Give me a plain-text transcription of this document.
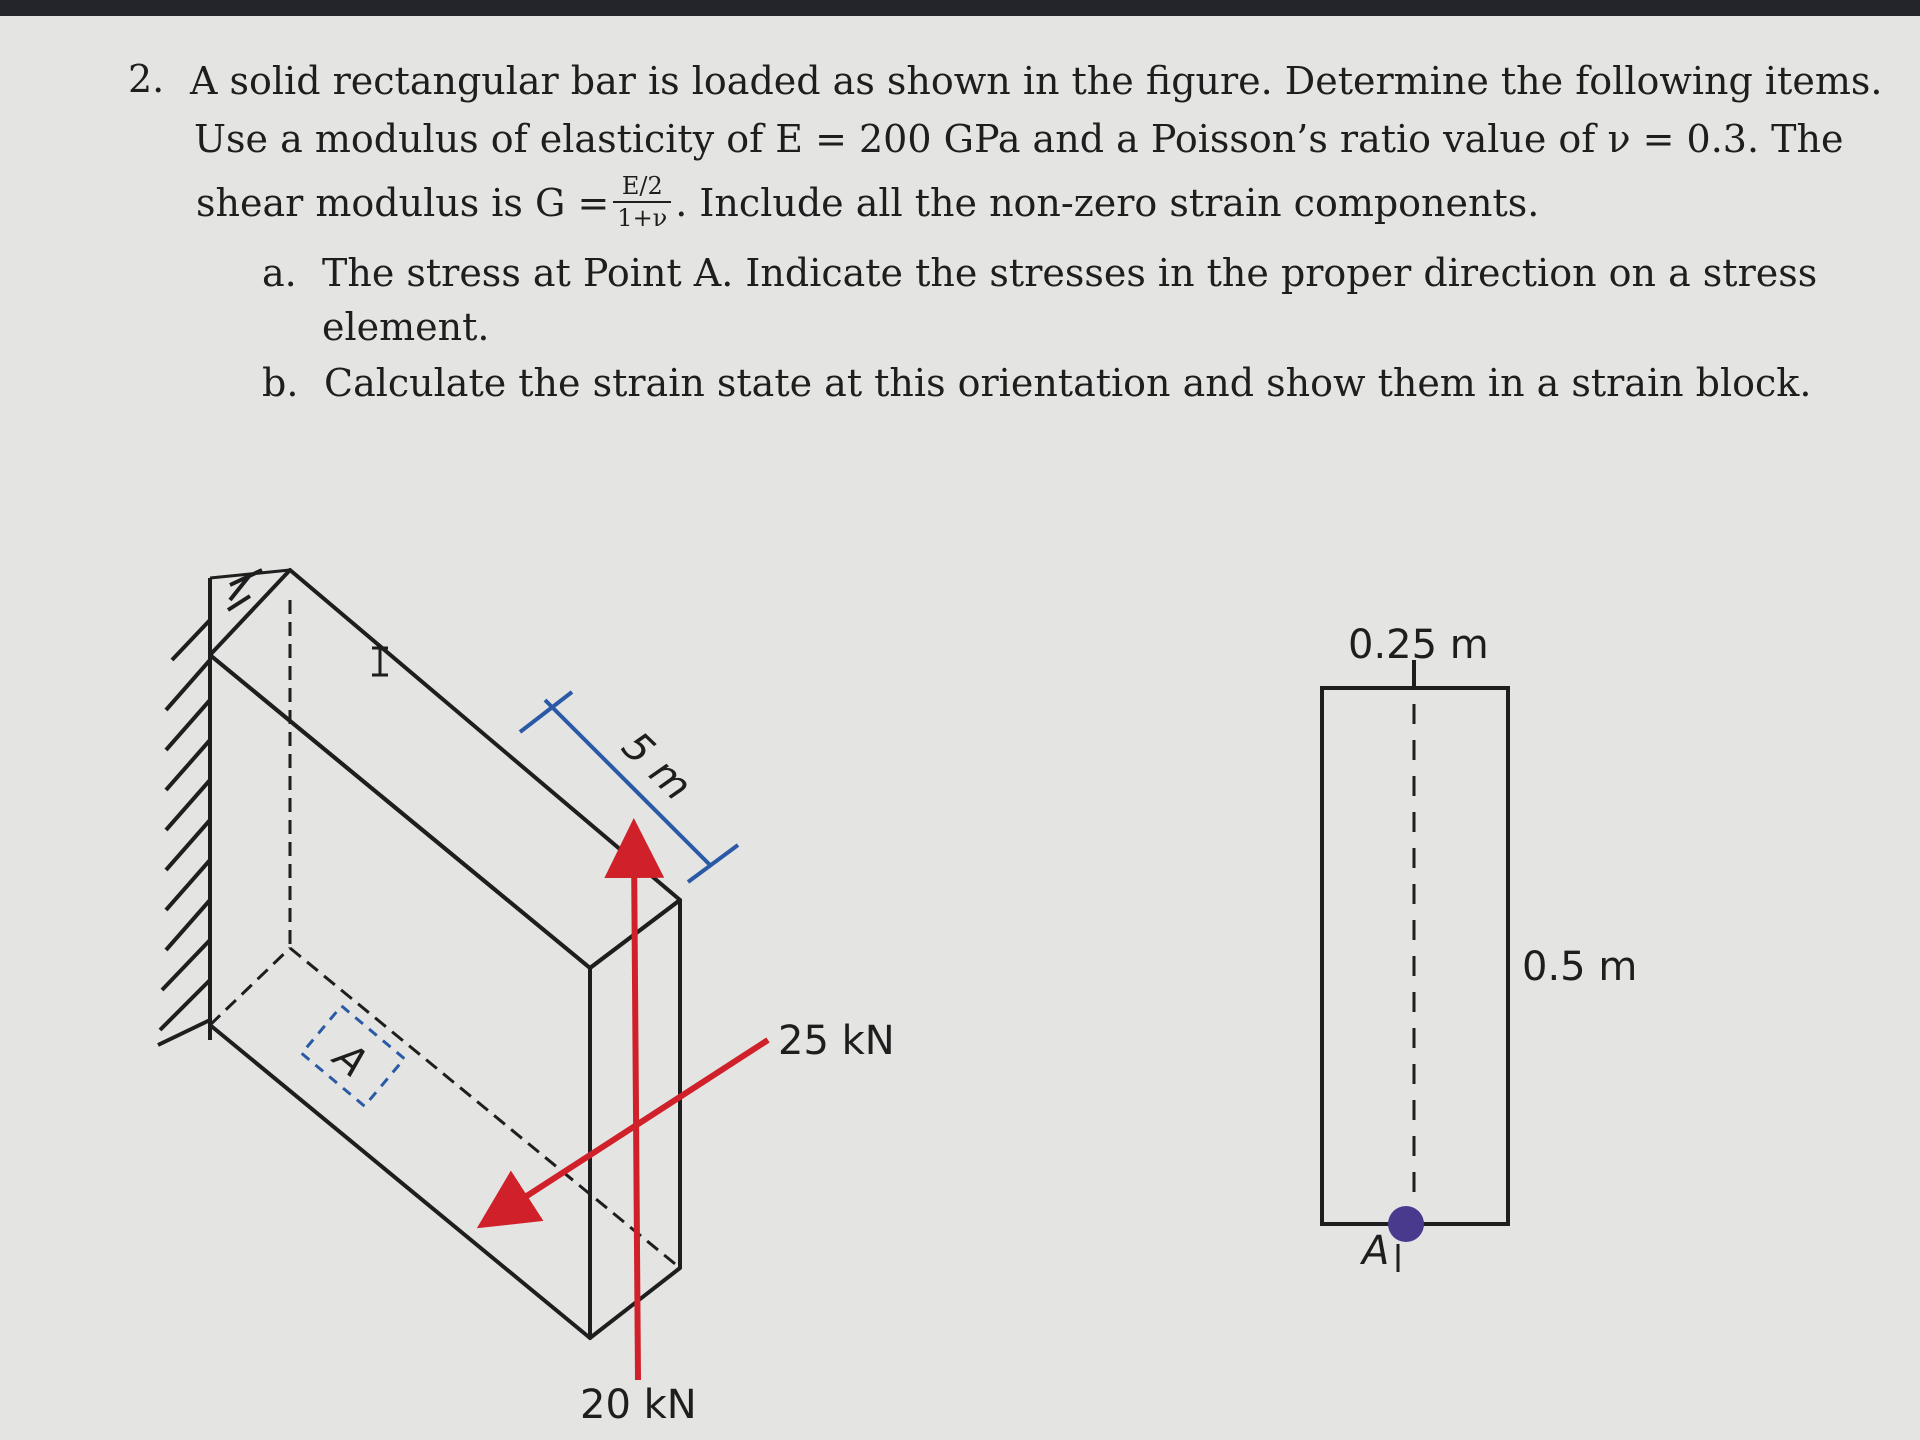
2. A solid rectangular bar is loaded as shown in the figure. Determine the following items.
Use a modulus of elasticity of E = 200 GPa and a Poisson’s ratio value of ν = 0.3. The
shear modulus is $G = \frac{E/2}{1+\nu}$ . Include all the non-zero strain components.
a. The stress at Point A. Indicate the stresses in the proper direction on a stress
element.
b. Calculate the strain state at this orientation and show them in a strain block.
A
5 m
25 kN
20 kN
0.25 m
0.5 m
A
